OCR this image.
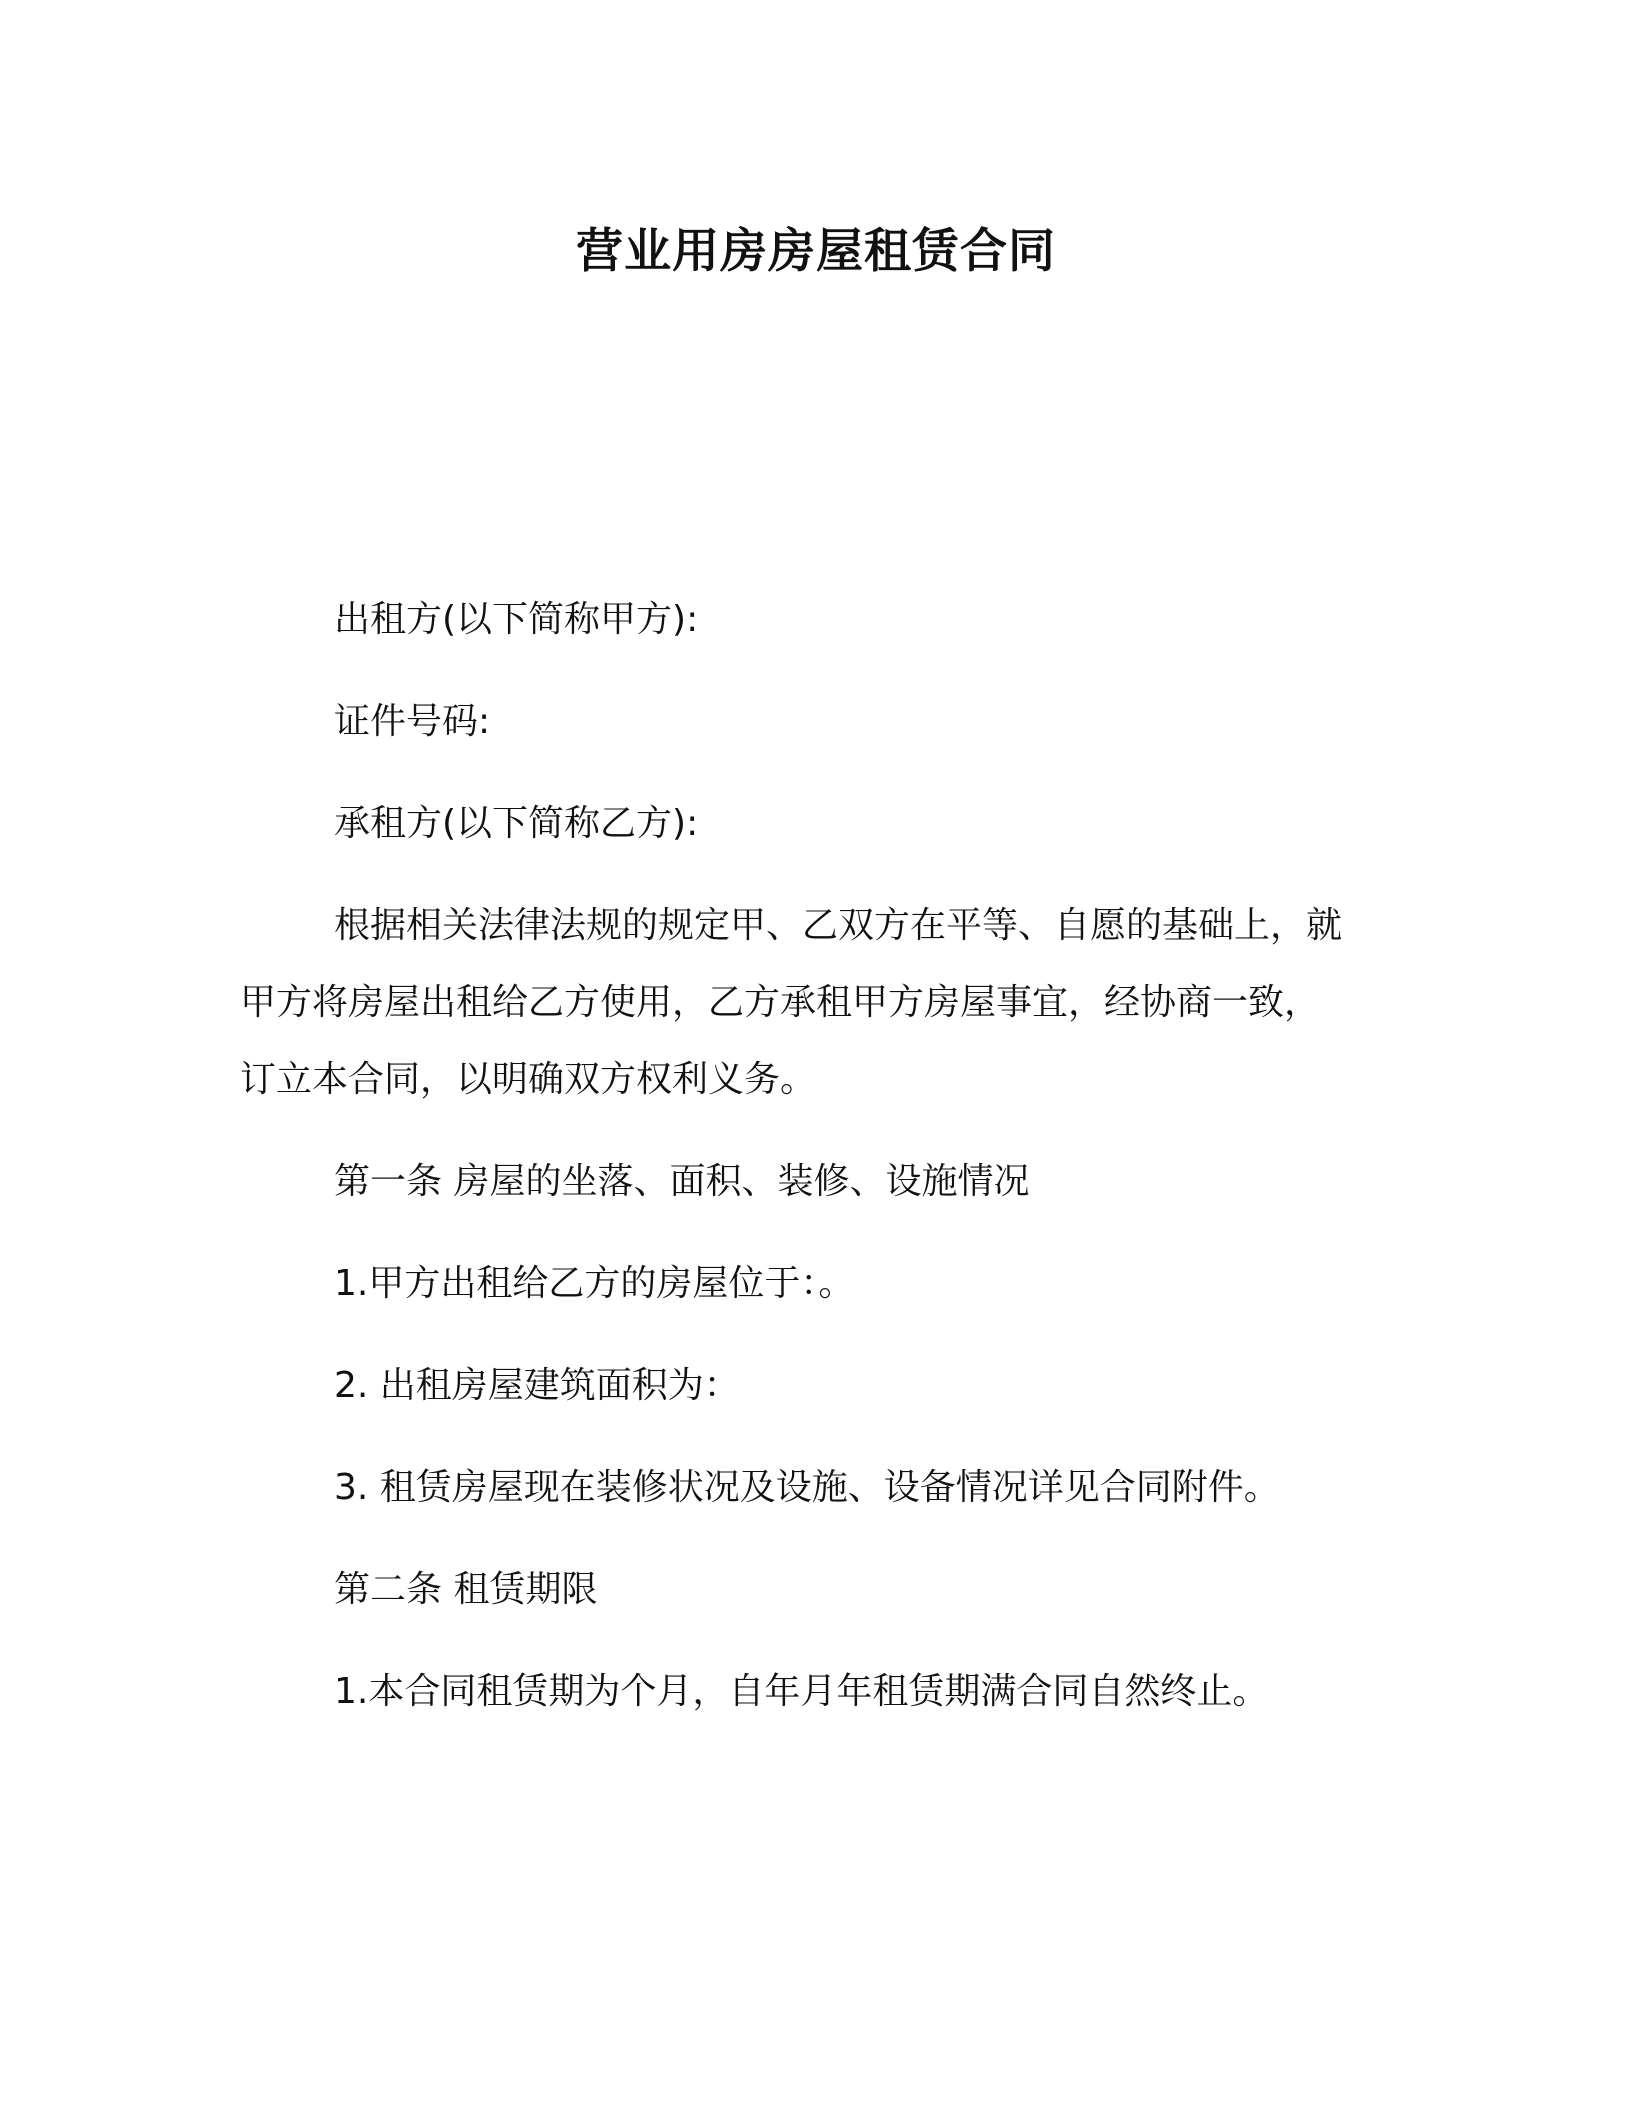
营业用房房屋租赁合同
出租方(以下简称甲方):
证件号码:
承租方(以下简称乙方):
根据相关法律法规的规定甲、乙双方在平等、自愿的基础上，就
甲方将房屋出租给乙方使用，乙方承租甲方房屋事宜，经协商一致，
订立本合同，以明确双方权利义务。
第一条 房屋的坐落、面积、装修、设施情况
1.甲方出租给乙方的房屋位于：。
2. 出租房屋建筑面积为：
3. 租赁房屋现在装修状况及设施、设备情况详见合同附件。
第二条 租赁期限
1.本合同租赁期为个月，自年月年租赁期满合同自然终止。
